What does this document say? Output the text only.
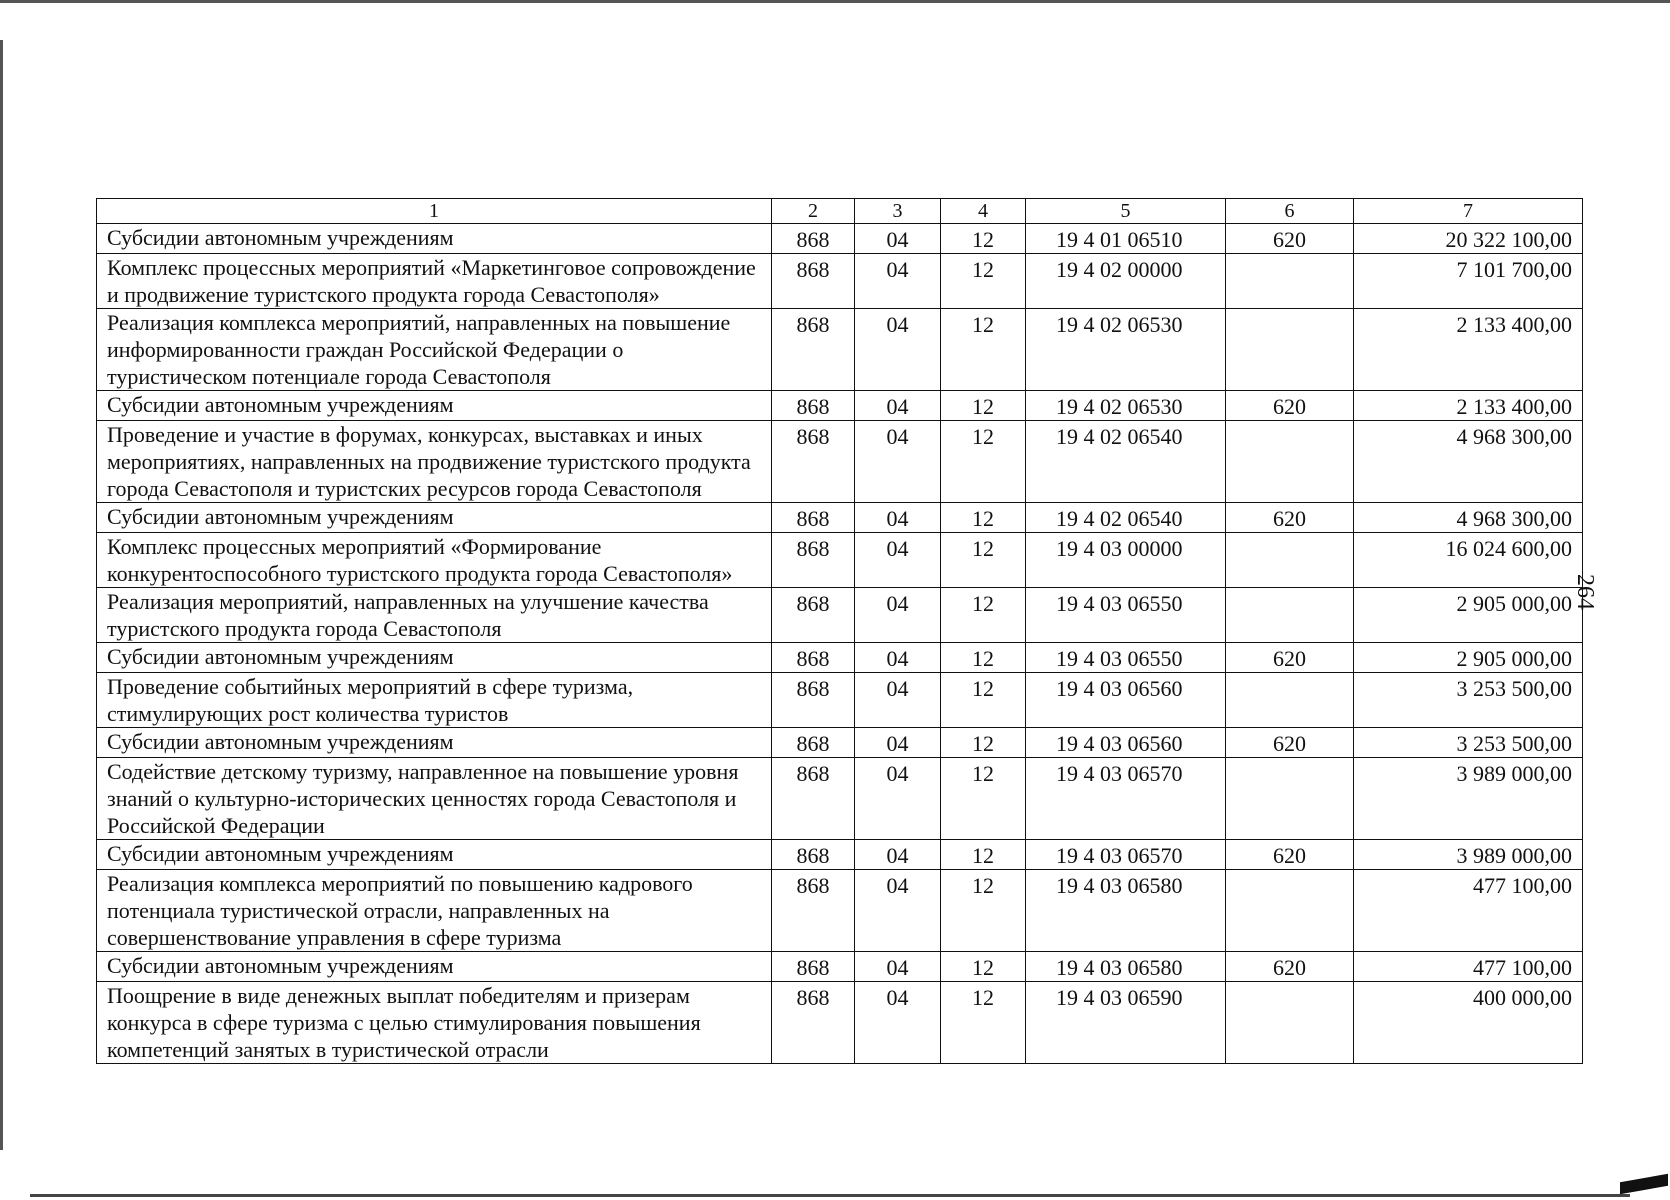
264
1	2	3	4	5	6	7
Субсидии автономным учреждениям	868	04	12	19 4 01 06510	620	20 322 100,00
Комплекс процессных мероприятий «Маркетинговое сопровождение и продвижение туристского продукта города Севастополя»	868	04	12	19 4 02 00000		7 101 700,00
Реализация комплекса мероприятий, направленных на повышение информированности граждан Российской Федерации о туристическом потенциале города Севастополя	868	04	12	19 4 02 06530		2 133 400,00
Субсидии автономным учреждениям	868	04	12	19 4 02 06530	620	2 133 400,00
Проведение и участие в форумах, конкурсах, выставках и иных мероприятиях, направленных на продвижение туристского продукта города Севастополя и туристских ресурсов города Севастополя	868	04	12	19 4 02 06540		4 968 300,00
Субсидии автономным учреждениям	868	04	12	19 4 02 06540	620	4 968 300,00
Комплекс процессных мероприятий «Формирование конкурентоспособного туристского продукта города Севастополя»	868	04	12	19 4 03 00000		16 024 600,00
Реализация мероприятий, направленных на улучшение качества туристского продукта города Севастополя	868	04	12	19 4 03 06550		2 905 000,00
Субсидии автономным учреждениям	868	04	12	19 4 03 06550	620	2 905 000,00
Проведение событийных мероприятий в сфере туризма, стимулирующих рост количества туристов	868	04	12	19 4 03 06560		3 253 500,00
Субсидии автономным учреждениям	868	04	12	19 4 03 06560	620	3 253 500,00
Содействие детскому туризму, направленное на повышение уровня знаний о культурно-исторических ценностях города Севастополя и Российской Федерации	868	04	12	19 4 03 06570		3 989 000,00
Субсидии автономным учреждениям	868	04	12	19 4 03 06570	620	3 989 000,00
Реализация комплекса мероприятий по повышению кадрового потенциала туристической отрасли, направленных на совершенствование управления в сфере туризма	868	04	12	19 4 03 06580		477 100,00
Субсидии автономным учреждениям	868	04	12	19 4 03 06580	620	477 100,00
Поощрение в виде денежных выплат победителям и призерам конкурса в сфере туризма с целью стимулирования повышения компетенций занятых в туристической отрасли	868	04	12	19 4 03 06590		400 000,00
